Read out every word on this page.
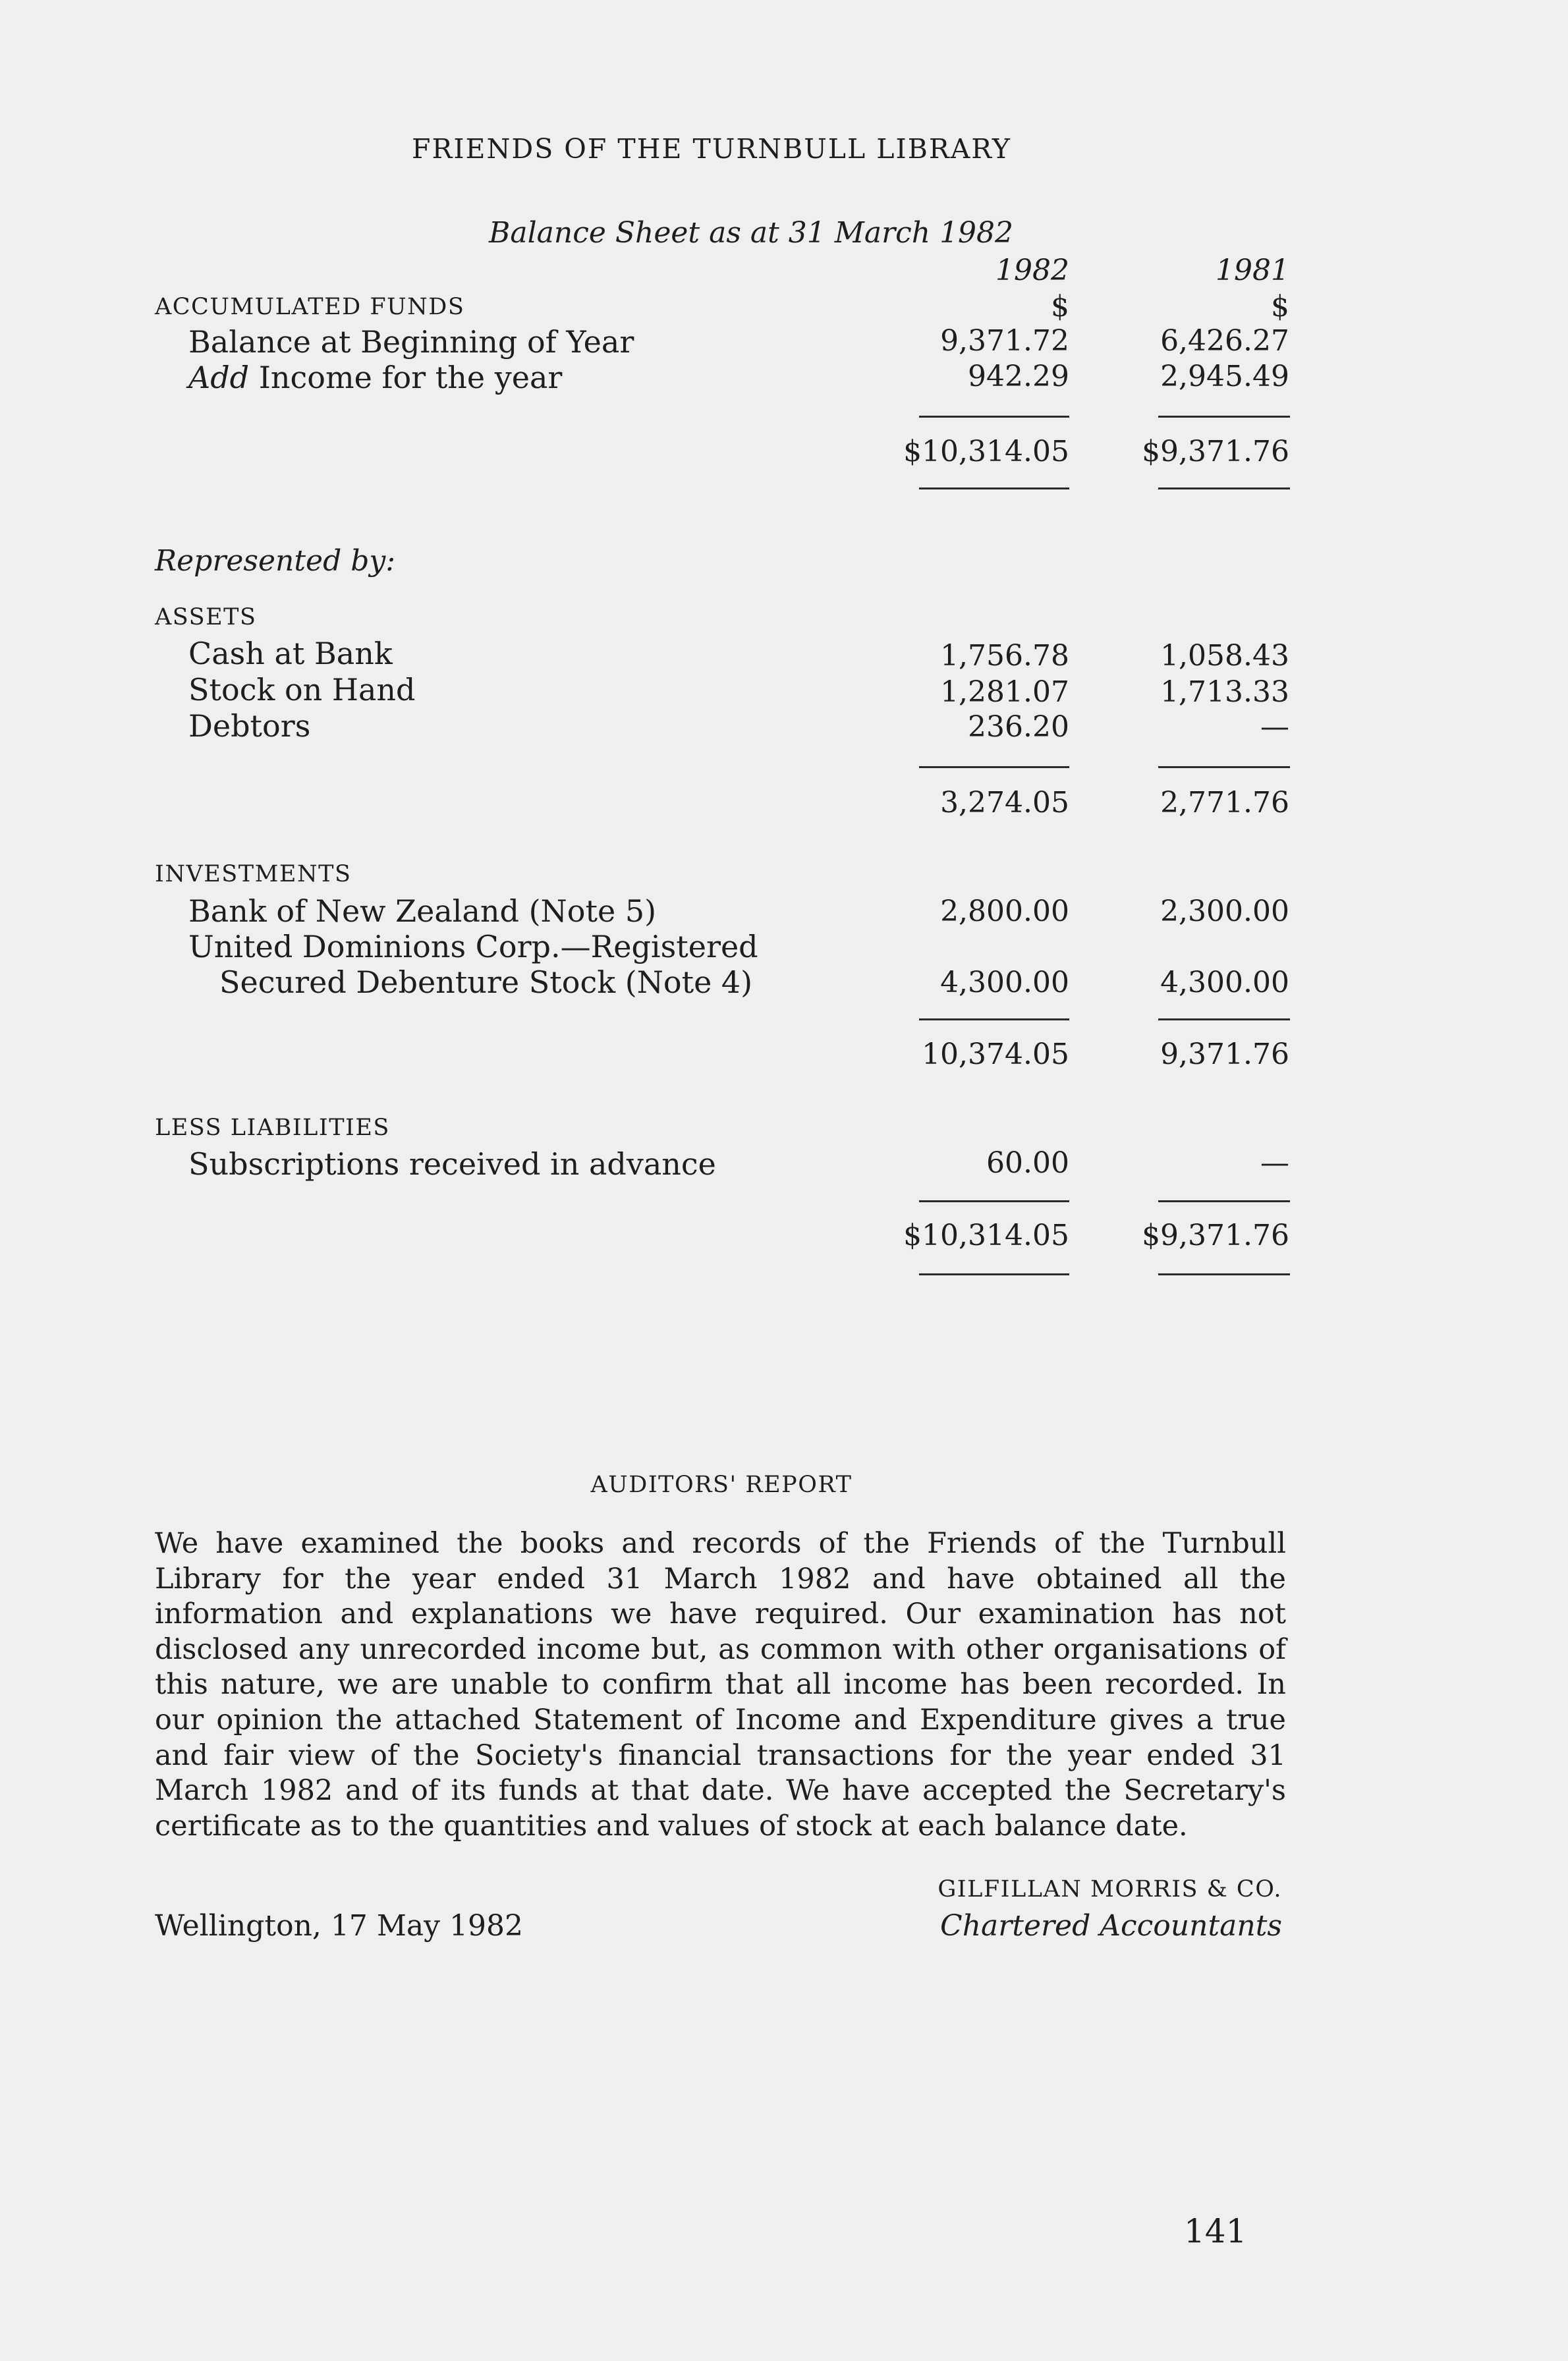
FRIENDS OF THE TURNBULL LIBRARY
Balance Sheet as at 31 March 1982
1982	1981
ACCUMULATED FUNDS	$	$
Balance at Beginning of Year	9,371.72	6,426.27
Add Income for the year	942.29	2,945.49
$10,314.05	$9,371.76
Represented by:
ASSETS
Cash at Bank	1,756.78	1,058.43
Stock on Hand	1,281.07	1,713.33
Debtors	236.20	—
3,274.05	2,771.76
INVESTMENTS
Bank of New Zealand (Note 5)	2,800.00	2,300.00
United Dominions Corp.—Registered
Secured Debenture Stock (Note 4)	4,300.00	4,300.00
10,374.05	9,371.76
LESS LIABILITIES
Subscriptions received in advance	60.00	—
$10,314.05	$9,371.76
AUDITORS' REPORT
We have examined the books and records of the Friends of the Turnbull Library for the year ended 31 March 1982 and have obtained all the information and explanations we have required. Our examination has not disclosed any unrecorded income but, as common with other organisations of this nature, we are unable to confirm that all income has been recorded. In our opinion the attached Statement of Income and Expenditure gives a true and fair view of the Society's financial transactions for the year ended 31 March 1982 and of its funds at that date. We have accepted the Secretary's certificate as to the quantities and values of stock at each balance date.
GILFILLAN MORRIS & CO.
Chartered Accountants
Wellington, 17 May 1982
141
